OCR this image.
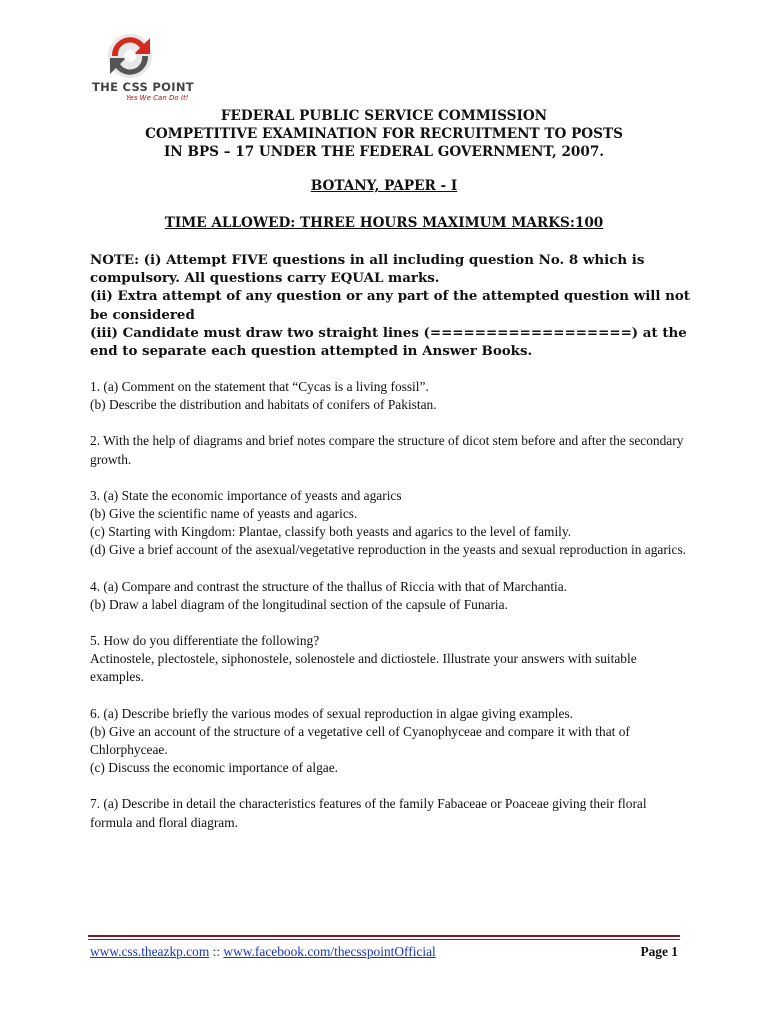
THE CSS POINT
Yes We Can Do It!
FEDERAL PUBLIC SERVICE COMMISSION
COMPETITIVE EXAMINATION FOR RECRUITMENT TO POSTS
IN BPS – 17 UNDER THE FEDERAL GOVERNMENT, 2007.
BOTANY, PAPER - I
TIME ALLOWED: THREE HOURS MAXIMUM MARKS:100

NOTE: (i) Attempt FIVE questions in all including question No. 8 which is compulsory. All questions carry EQUAL marks.

(ii) Extra attempt of any question or any part of the attempted question will not be considered

(iii) Candidate must draw two straight lines (==================) at the end to separate each question attempted in Answer Books.

1. (a) Comment on the statement that “Cycas is a living fossil”.
(b) Describe the distribution and habitats of conifers of Pakistan.
2. With the help of diagrams and brief notes compare the structure of dicot stem before and after the secondary growth.
3. (a) State the economic importance of yeasts and agarics
(b) Give the scientific name of yeasts and agarics.
(c) Starting with Kingdom: Plantae, classify both yeasts and agarics to the level of family.
(d) Give a brief account of the asexual/vegetative reproduction in the yeasts and sexual reproduction in agarics.
4. (a) Compare and contrast the structure of the thallus of Riccia with that of Marchantia.
(b) Draw a label diagram of the longitudinal section of the capsule of Funaria.
5. How do you differentiate the following?
Actinostele, plectostele, siphonostele, solenostele and dictiostele. Illustrate your answers with suitable examples.
6. (a) Describe briefly the various modes of sexual reproduction in algae giving examples.
(b) Give an account of the structure of a vegetative cell of Cyanophyceae and compare it with that of Chlorphyceae.
(c) Discuss the economic importance of algae.
7. (a) Describe in detail the characteristics features of the family Fabaceae or Poaceae giving their floral formula and floral diagram.
www.css.theazkp.com :: www.facebook.com/thecsspointOfficial	Page 1
